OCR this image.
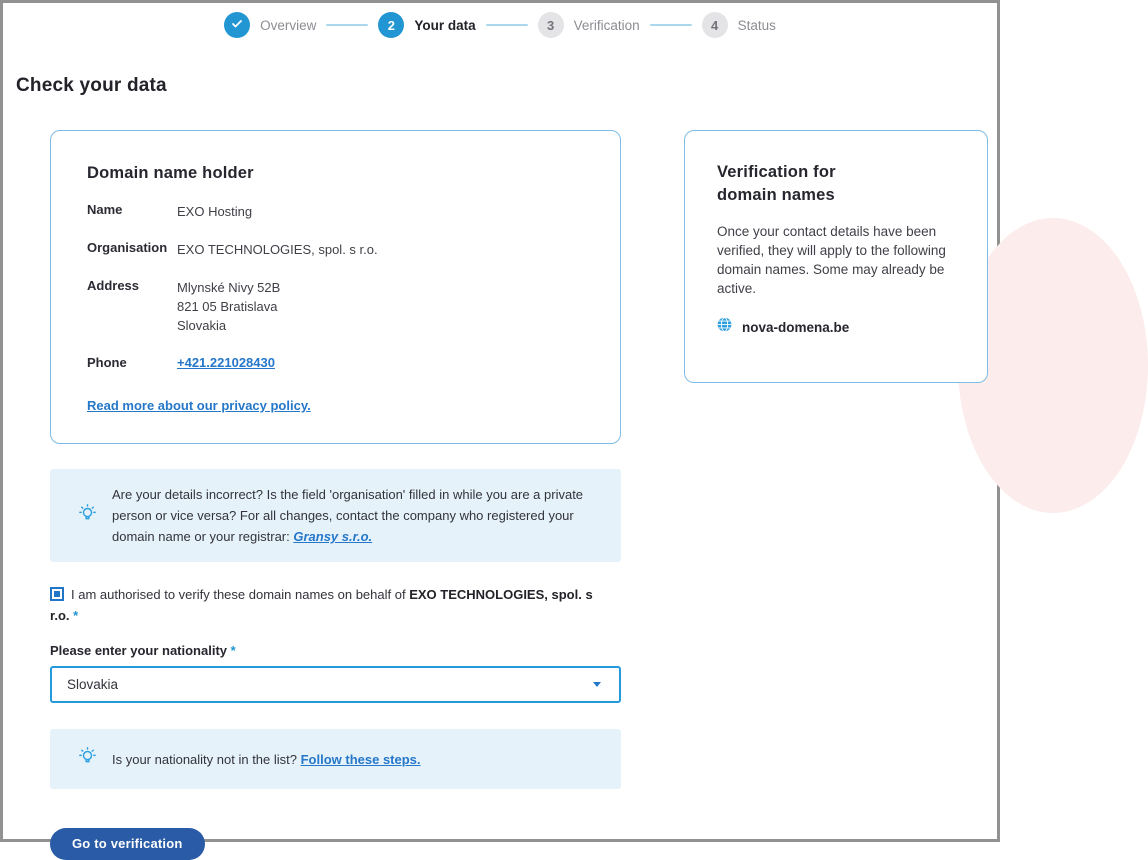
Overview	2	Your data	3	Verification	4	Status
Check your data
Domain name holder
Name	EXO Hosting
Organisation EXO TECHNOLOGIES, spol. s r.o.
Address	Mlynské Nivy 52B
821 05 Bratislava
Slovakia
Phone	+421.221028430
Read more about our privacy policy.
Are your details incorrect? Is the field 'organisation' filled in while you are a private person or vice versa? For all changes, contact the company who registered your domain name or your registrar: Gransy s.r.o.
I am authorised to verify these domain names on behalf of EXO TECHNOLOGIES, spol. s r.o. *
Please enter your nationality *
Slovakia
Is your nationality not in the list? Follow these steps.
Go to verification
Verification for
domain names

Once your contact details have been verified, they will apply to the following domain names. Some may already be active.

nova-domena.be
